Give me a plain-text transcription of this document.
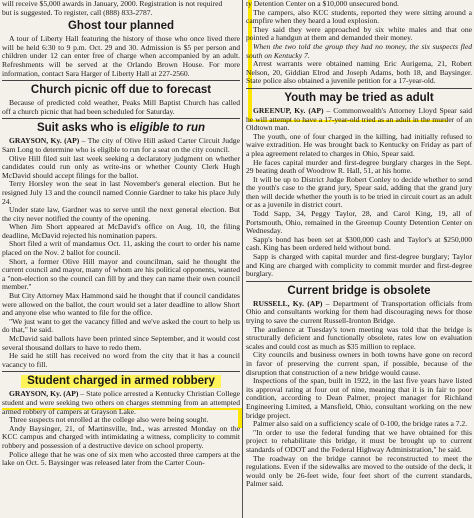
will receive $5,000 awards in January, 2000. Registration is not required

but is suggested. To register, call (888) 833-2787.

Ghost tour planned

A tour of Liberty Hall featuring the history of those who once lived there will be held 6:30 to 9 p.m. Oct. 29 and 30. Admission is $5 per person and children under 12 can enter free of charge when accompanied by an adult. Refreshments will be served at the Orlando Brown House. For more information, contact Sara Harger of Liberty Hall at 227-2560.

Church picnic off due to forecast

Because of predicted cold weather, Peaks Mill Baptist Church has called off a church picnic that had been scheduled for Saturday.

Suit asks who is eligible to run

GRAYSON, Ky. (AP) – The city of Olive Hill asked Carter Circuit Judge Sam Long to determine who is eligible to run for a seat on the city council.

Olive Hill filed suit last week seeking a declaratory judgment on whether candidates could run only as write-ins or whether County Clerk Hugh McDavid should accept filings for the ballot.

Terry Horsley won the seat in last November's general election. But he resigned July 13 and the council named Connie Gardner to take his place July 24.

Under state law, Gardner was to serve until the next general election. But the city never notified the county of the opening.

When Jim Short appeared at McDavid's office on Aug. 10, the filing deadline, McDavid rejected his nomination papers.

Short filed a writ of mandamus Oct. 11, asking the court to order his name placed on the Nov. 2 ballot for council.

Short, a former Olive Hill mayor and councilman, said he thought the current council and mayor, many of whom are his political opponents, wanted a "non-election so the council can fill by and they can name their own council member."

But City Attorney Max Hammond said he thought that if council candidates were allowed on the ballot, the court would set a later deadline to allow Short and anyone else who wanted to file for the office.

"We just want to get the vacancy filled and we've asked the court to help us do that," he said.

McDavid said ballots have been printed since September, and it would cost several thousand dollars to have to redo them.

He said he still has received no word from the city that it has a council vacancy to fill.

Student charged in armed robbery

GRAYSON, Ky. (AP) – State police arrested a Kentucky Christian College student and were seeking two others on charges stemming from an attempted armed robbery of campers at Grayson Lake.

Three suspects not enrolled at the college also were being sought.

Andy Baysinger, 21, of Martinsville, Ind., was arrested Monday on the KCC campus and charged with intimidating a witness, complicity to commit robbery and possession of a destructive device on school property.

Police allege that he was one of six men who accosted three campers at the lake on Oct. 5. Baysinger was released later from the Carter Coun-

ty Detention Center on a $10,000 unsecured bond.

The campers, also KCC students, reported they were sitting around a campfire when they heard a loud explosion.

They said they were approached by six white males and that one pointed a handgun at them and demanded their money.

When the two told the group they had no money, the six suspects fled south on Kentucky 7.

Arrest warrants were obtained naming Eric Aurigema, 21, Robert Nelson, 20, Giddian Elrod and Joseph Adams, both 18, and Baysinger. State police also obtained a juvenile petition for a 17-year-old.

Youth may be tried as adult

GREENUP, Ky. (AP) – Commonwealth's Attorney Lloyd Spear said he will attempt to have a 17-year-old tried as an adult in the murder of an Oldtown man.

The youth, one of four charged in the killing, had initially refused to waive extradition. He was brought back to Kentucky on Friday as part of a plea agreement related to charges in Ohio, Spear said.

He faces capital murder and first-degree burglary charges in the Sept. 29 beating death of Woodrow R. Hall, 51, at his home.

It will be up to District Judge Robert Conley to decide whether to send the youth's case to the grand jury, Spear said, adding that the grand jury then will decide whether the youth is to be tried in circuit court as an adult or as a juvenile in district court.

Todd Sapp, 34, Peggy Taylor, 28, and Carol King, 19, all of Portsmouth, Ohio, remained in the Greenup County Detention Center on Wednesday.

Sapp's bond has been set at $300,000 cash and Taylor's at $250,000 cash. King has been ordered held without bond.

Sapp is charged with capital murder and first-degree burglary; Taylor and King are charged with complicity to commit murder and first-degree burglary.

Current bridge is obsolete

RUSSELL, Ky. (AP) – Department of Transportation officials from Ohio and consultants working for them had discouraging news for those trying to save the current Russell-Ironton Bridge.

The audience at Tuesday's town meeting was told that the bridge is structurally deficient and functionally obsolete, rates low on evaluation scales and could cost as much as $35 million to replace.

City councils and business owners in both towns have gone on record in favor of preserving the current span, if possible, because of the disruption that construction of a new bridge would cause.

Inspections of the span, built in 1922, in the last five years have listed its approval rating at four out of nine, meaning that it is in fair to poor condition, according to Dean Palmer, project manager for Richland Engineering Limited, a Mansfield, Ohio, consultant working on the new bridge project.

Palmer also said on a sufficiency scale of 0-100, the bridge rates a 7.2.

"In order to use the federal funding that we have obtained for this project to rehabilitate this bridge, it must be brought up to current standards of ODOT and the Federal Highway Administration," he said.

The roadway on the bridge cannot be reconstructed to meet the regulations. Even if the sidewalks are moved to the outside of the deck, it would only be 26-feet wide, four feet short of the current standards, Palmer said.
